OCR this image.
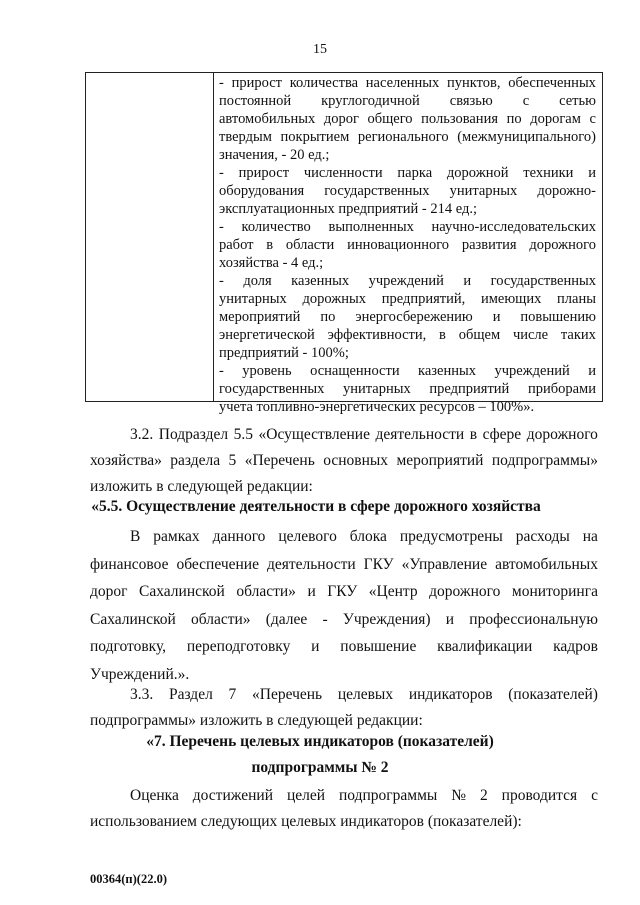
15
- прирост количества населенных пунктов, обеспеченных
постоянной круглогодичной связью с сетью
автомобильных дорог общего пользования по дорогам с
твердым покрытием регионального (межмуниципального)
значения, - 20 ед.;
- прирост численности парка дорожной техники и
оборудования государственных унитарных дорожно-
эксплуатационных предприятий - 214 ед.;
- количество выполненных научно-исследовательских
работ в области инновационного развития дорожного
хозяйства - 4 ед.;
- доля казенных учреждений и государственных
унитарных дорожных предприятий, имеющих планы
мероприятий по энергосбережению и повышению
энергетической эффективности, в общем числе таких
предприятий - 100%;
- уровень оснащенности казенных учреждений и
государственных унитарных предприятий приборами
учета топливно-энергетических ресурсов – 100%».
3.2. Подраздел 5.5 «Осуществление деятельности в сфере дорожного
хозяйства» раздела 5 «Перечень основных мероприятий подпрограммы»
изложить в следующей редакции:
«5.5. Осуществление деятельности в сфере дорожного хозяйства
В рамках данного целевого блока предусмотрены расходы на
финансовое обеспечение деятельности ГКУ «Управление автомобильных
дорог Сахалинской области» и ГКУ «Центр дорожного мониторинга
Сахалинской области» (далее - Учреждения) и профессиональную
подготовку, переподготовку и повышение квалификации кадров
Учреждений.».
3.3. Раздел 7 «Перечень целевых индикаторов (показателей)
подпрограммы» изложить в следующей редакции:
«7. Перечень целевых индикаторов (показателей)
подпрограммы № 2
Оценка достижений целей подпрограммы № 2 проводится с
использованием следующих целевых индикаторов (показателей):
00364(п)(22.0)
